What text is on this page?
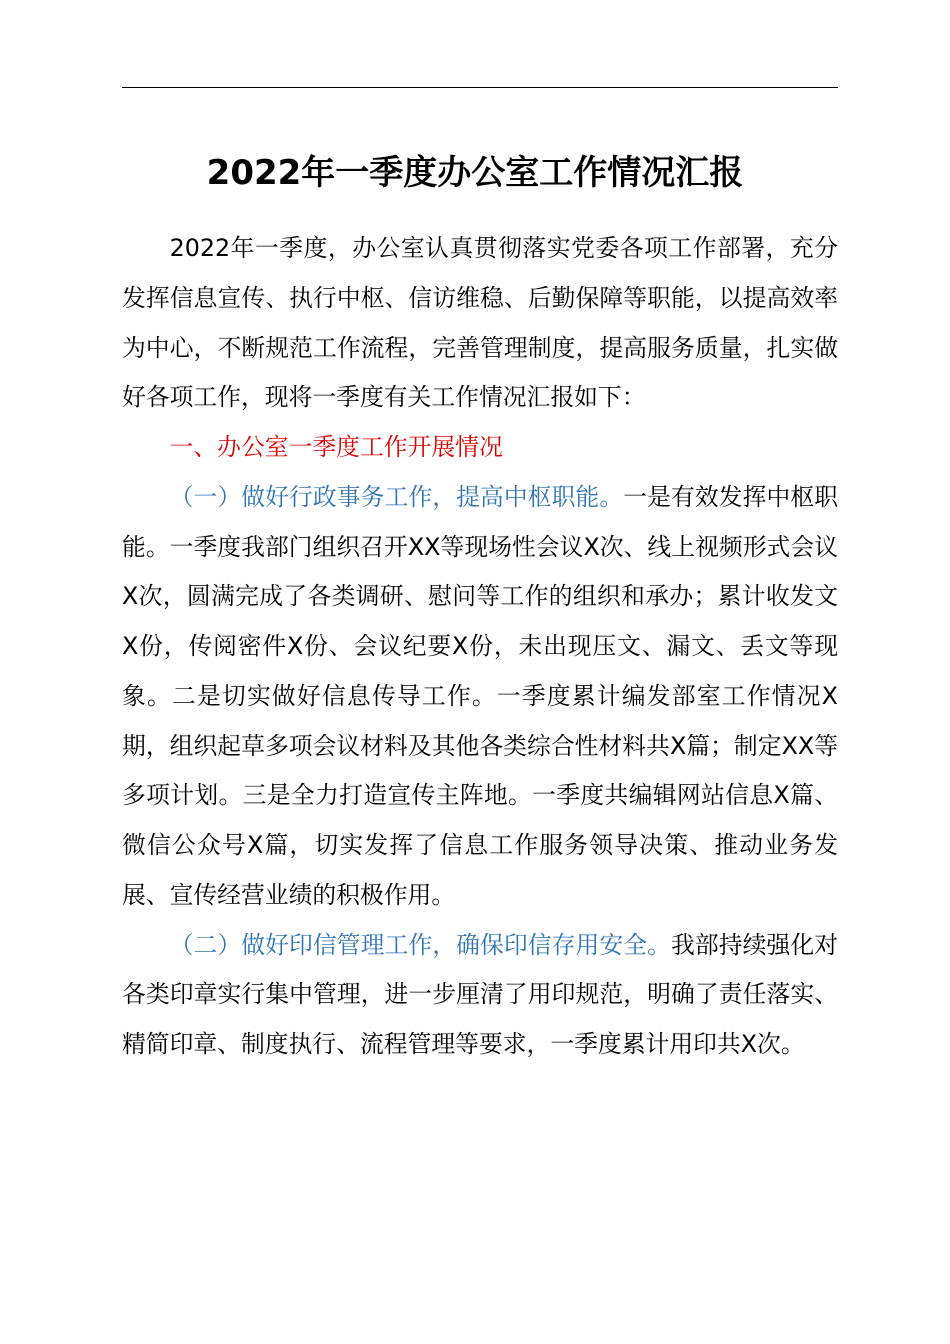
2022年一季度办公室工作情况汇报

2022年一季度，办公室认真贯彻落实党委各项工作部署，充分发挥信息宣传、执行中枢、信访维稳、后勤保障等职能，以提高效率为中心，不断规范工作流程，完善管理制度，提高服务质量，扎实做好各项工作，现将一季度有关工作情况汇报如下：

一、办公室一季度工作开展情况

（一）做好行政事务工作，提高中枢职能。一是有效发挥中枢职能。一季度我部门组织召开XX等现场性会议X次、线上视频形式会议X次，圆满完成了各类调研、慰问等工作的组织和承办；累计收发文X份，传阅密件X份、会议纪要X份，未出现压文、漏文、丢文等现象。二是切实做好信息传导工作。一季度累计编发部室工作情况X期，组织起草多项会议材料及其他各类综合性材料共X篇；制定XX等多项计划。三是全力打造宣传主阵地。一季度共编辑网站信息X篇、微信公众号X篇，切实发挥了信息工作服务领导决策、推动业务发展、宣传经营业绩的积极作用。

（二）做好印信管理工作，确保印信存用安全。我部持续强化对各类印章实行集中管理，进一步厘清了用印规范，明确了责任落实、精简印章、制度执行、流程管理等要求，一季度累计用印共X次。
